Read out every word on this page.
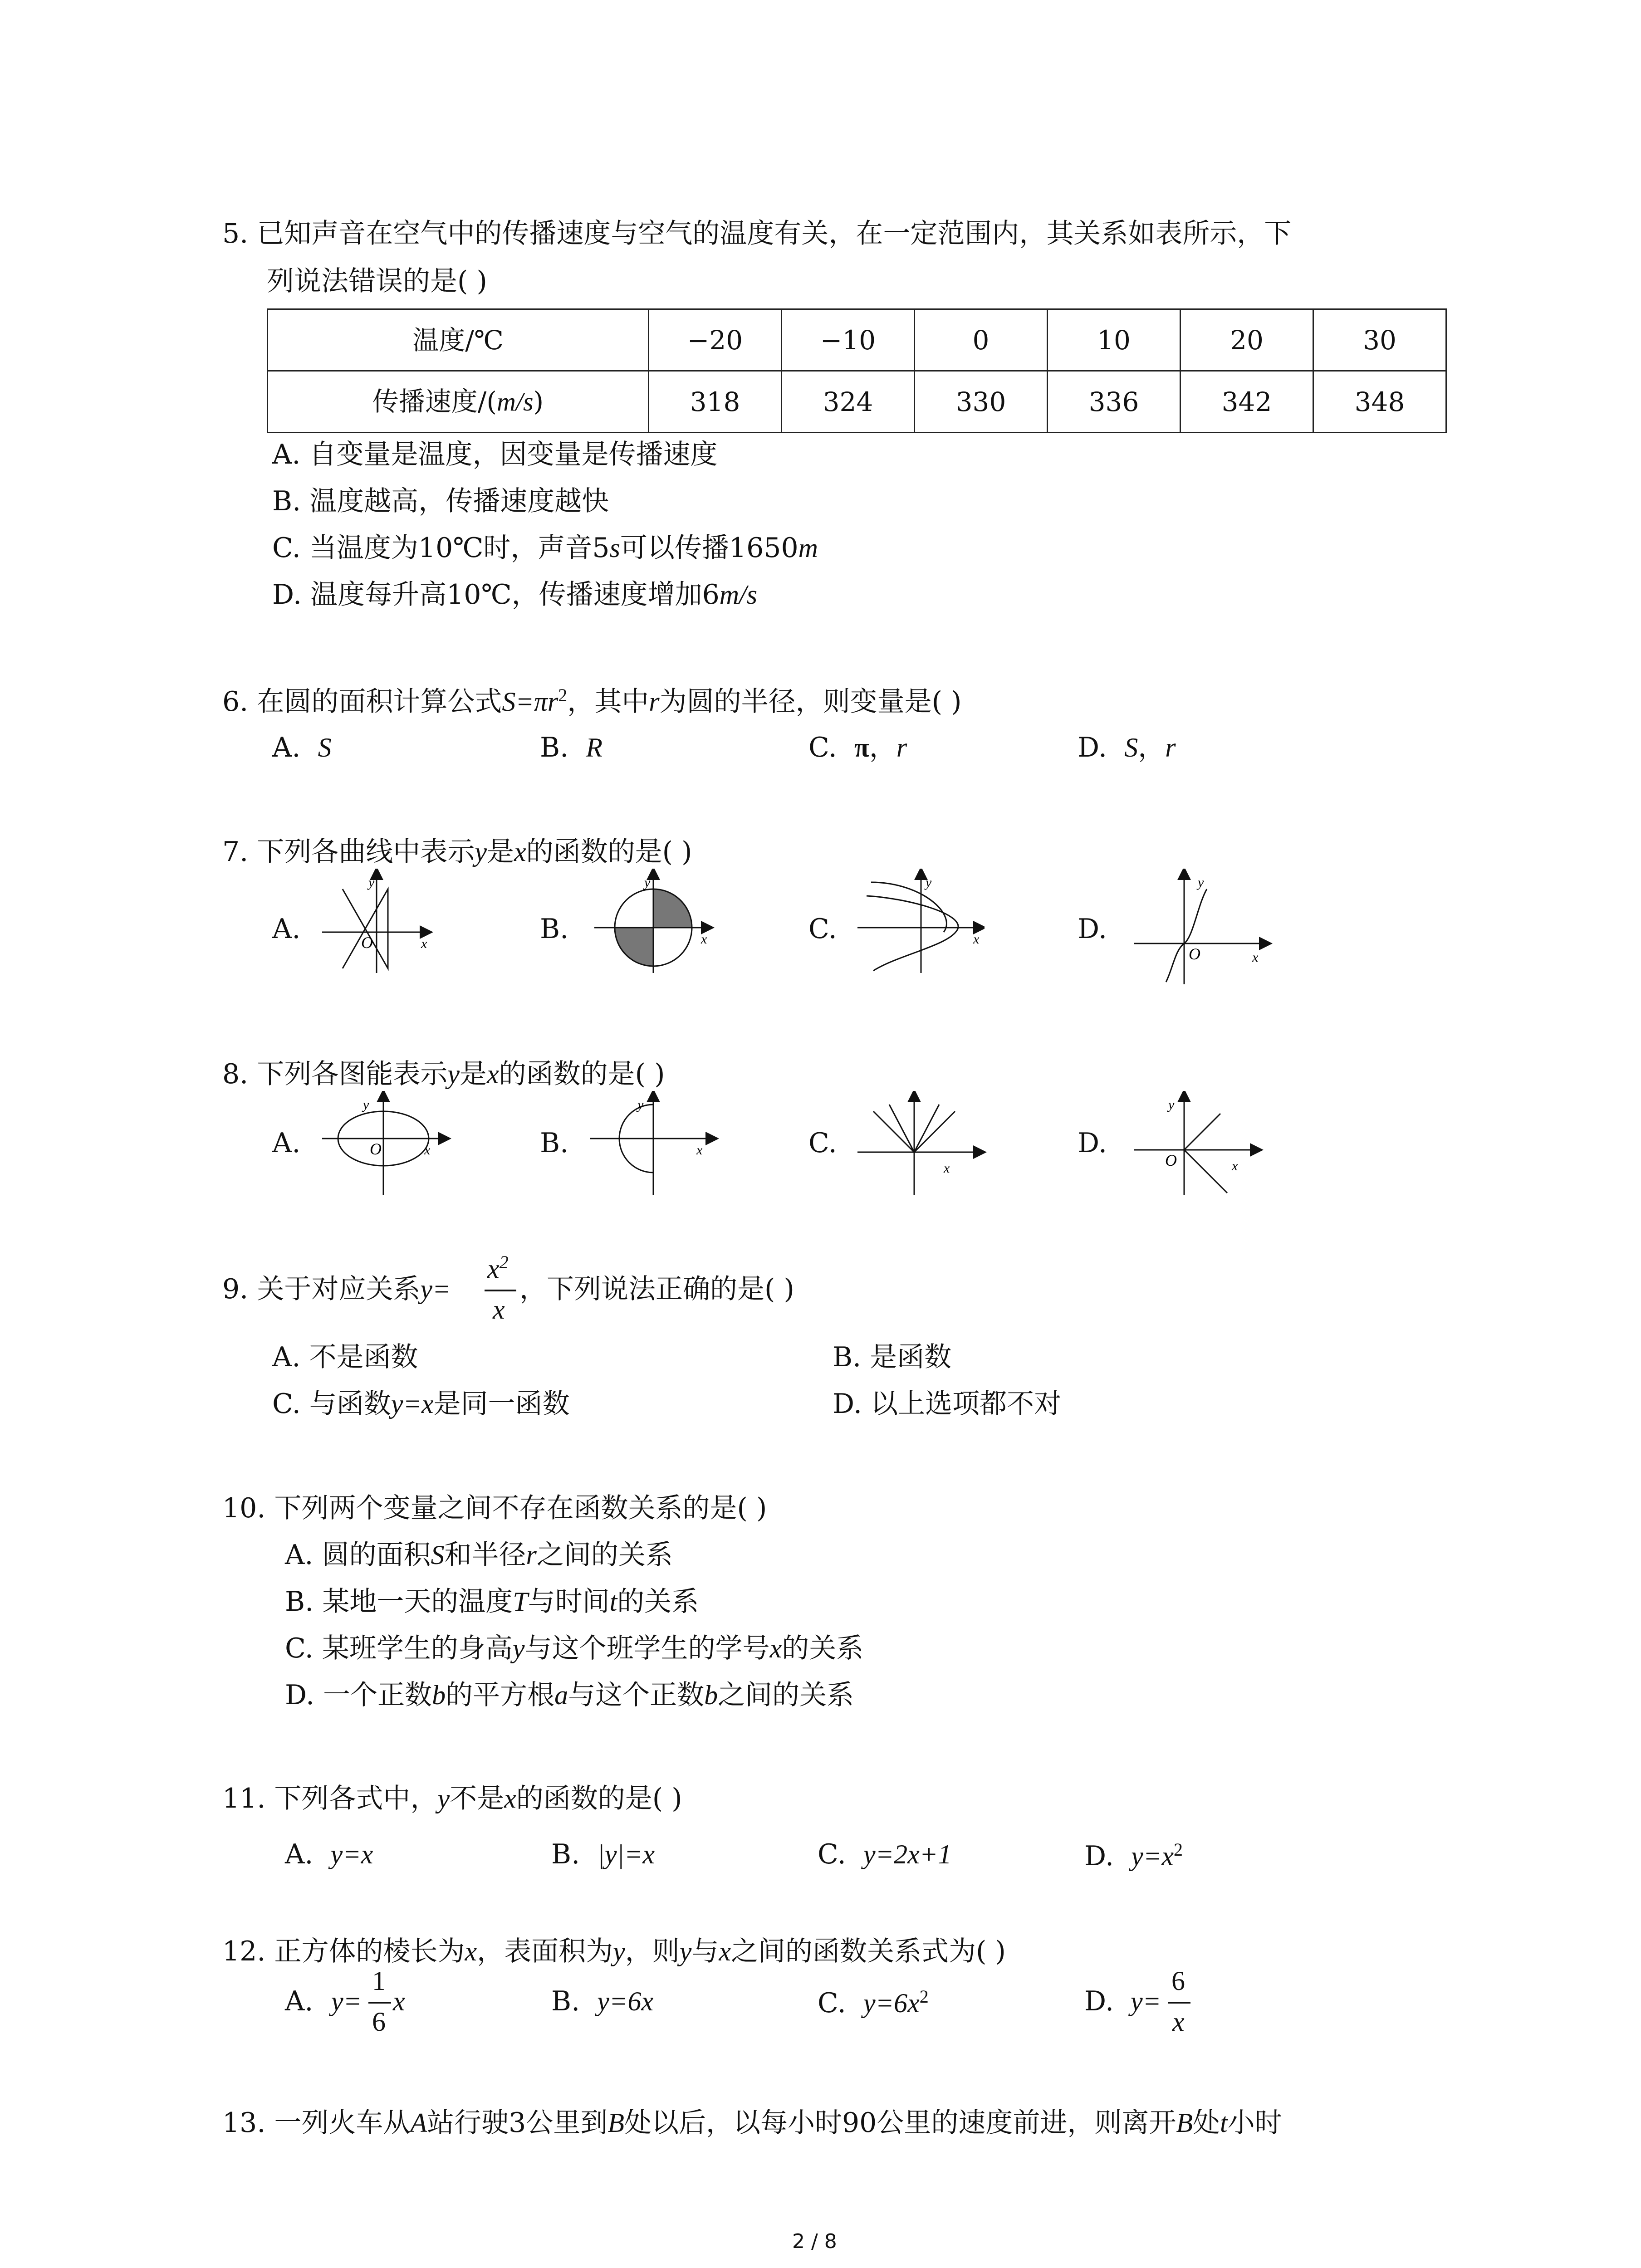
5. 已知声音在空气中的传播速度与空气的温度有关，在一定范围内，其关系如表所示，下
列说法错误的是( )
温度/℃	−20	−10	0	10	20	30
传播速度/(m/s)	318	324	330	336	342	348
A. 自变量是温度，因变量是传播速度
B. 温度越高，传播速度越快
C. 当温度为10℃时，声音5s可以传播1650m
D. 温度每升高10℃，传播速度增加6m/s
6. 在圆的面积计算公式$S=\pi r^2$，其中r为圆的半径，则变量是( )
A. S	B. R	C. π，r	D. S，r
7. 下列各曲线中表示y是x的函数的是( )
A.	B.	C.	D.
y
O	x
y
x
y
x
y
O	x
8. 下列各图能表示y是x的函数的是( )
A.	B.	C.	D.
y
O	x
y
x
x
y
O	x
9. 关于对应关系y=
$x^2$
x
，下列说法正确的是( )
A. 不是函数	B. 是函数
C. 与函数y=x是同一函数	D. 以上选项都不对
10. 下列两个变量之间不存在函数关系的是( )
A. 圆的面积S和半径r之间的关系
B. 某地一天的温度T与时间t的关系
C. 某班学生的身高y与这个班学生的学号x的关系
D. 一个正数b的平方根a与这个正数b之间的关系
11. 下列各式中，y不是x的函数的是( )
A. y=x	B. |y|=x	C. y=2x+1	D. $y=x^2$
12. 正方体的棱长为x，表面积为y，则y与x之间的函数关系式为( )
A. y=
1
6
x	B. y=6x	C. $y=6x^2$	D. y=
6
x
13. 一列火车从A站行驶3公里到B处以后，以每小时90公里的速度前进，则离开B处t小时
2 / 8
